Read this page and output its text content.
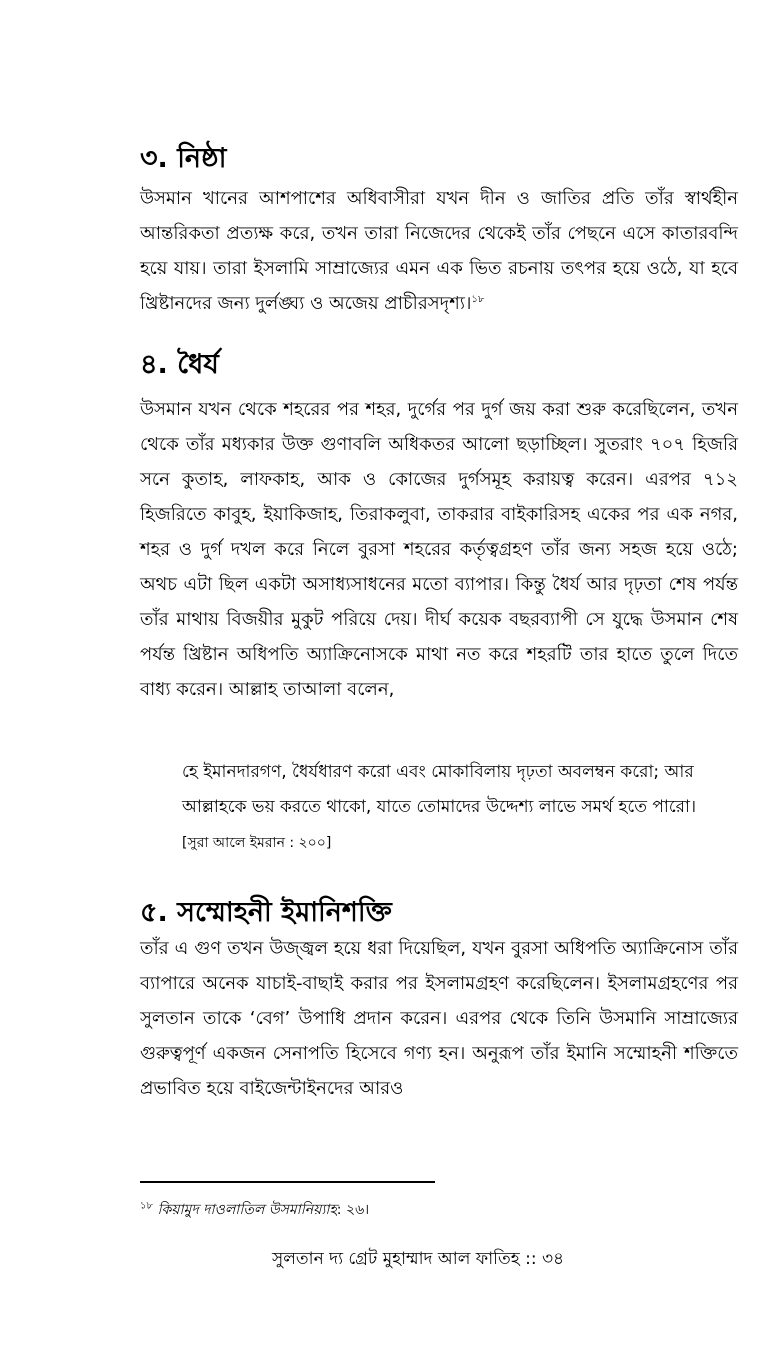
৩. নিষ্ঠা

উসমান খানের আশপাশের অধিবাসীরা যখন দীন ও জাতির প্রতি তাঁর স্বার্থহীন আন্তরিকতা প্রত্যক্ষ করে, তখন তারা নিজেদের থেকেই তাঁর পেছনে এসে কাতারবন্দি হয়ে যায়। তারা ইসলামি সাম্রাজ্যের এমন এক ভিত রচনায় তৎপর হয়ে ওঠে, যা হবে খ্রিষ্টানদের জন্য দুর্লঙ্ঘ্য ও অজেয় প্রাচীরসদৃশ্য।$^{১৮}$

৪. ধৈর্য

উসমান যখন থেকে শহরের পর শহর, দুর্গের পর দুর্গ জয় করা শুরু করেছিলেন, তখন থেকে তাঁর মধ্যকার উক্ত গুণাবলি অধিকতর আলো ছড়াচ্ছিল। সুতরাং ৭০৭ হিজরি সনে কুতাহ, লাফকাহ, আক ও কোজের দুর্গসমূহ করায়ত্ব করেন। এরপর ৭১২ হিজরিতে কাবুহ, ইয়াকিজাহ, তিরাকলুবা, তাকরার বাইকারিসহ একের পর এক নগর, শহর ও দুর্গ দখল করে নিলে বুরসা শহরের কর্তৃত্বগ্রহণ তাঁর জন্য সহজ হয়ে ওঠে; অথচ এটা ছিল একটা অসাধ্যসাধনের মতো ব্যাপার। কিন্তু ধৈর্য আর দৃঢ়তা শেষ পর্যন্ত তাঁর মাথায় বিজয়ীর মুকুট পরিয়ে দেয়। দীর্ঘ কয়েক বছরব্যাপী সে যুদ্ধে উসমান শেষ পর্যন্ত খ্রিষ্টান অধিপতি অ্যাক্রিনোসকে মাথা নত করে শহরটি তার হাতে তুলে দিতে বাধ্য করেন। আল্লাহ তাআলা বলেন,

হে ইমানদারগণ, ধৈর্যধারণ করো এবং মোকাবিলায় দৃঢ়তা অবলম্বন করো; আর আল্লাহকে ভয় করতে থাকো, যাতে তোমাদের উদ্দেশ্য লাভে সমর্থ হতে পারো। [সুরা আলে ইমরান : ২০০]

৫. সম্মোহনী ইমানিশক্তি

তাঁর এ গুণ তখন উজ্জ্বল হয়ে ধরা দিয়েছিল, যখন বুরসা অধিপতি অ্যাক্রিনোস তাঁর ব্যাপারে অনেক যাচাই-বাছাই করার পর ইসলামগ্রহণ করেছিলেন। ইসলামগ্রহণের পর সুলতান তাকে ‘বেগ’ উপাধি প্রদান করেন। এরপর থেকে তিনি উসমানি সাম্রাজ্যের গুরুত্বপূর্ণ একজন সেনাপতি হিসেবে গণ্য হন। অনুরূপ তাঁর ইমানি সম্মোহনী শক্তিতে প্রভাবিত হয়ে বাইজেন্টাইনদের আরও

$^{১৮}$ কিয়ামুদ দাওলাতিল উসমানিয়্যাহ: ২৬।

সুলতান দ্য গ্রেট মুহাম্মাদ আল ফাতিহ :: ৩৪
